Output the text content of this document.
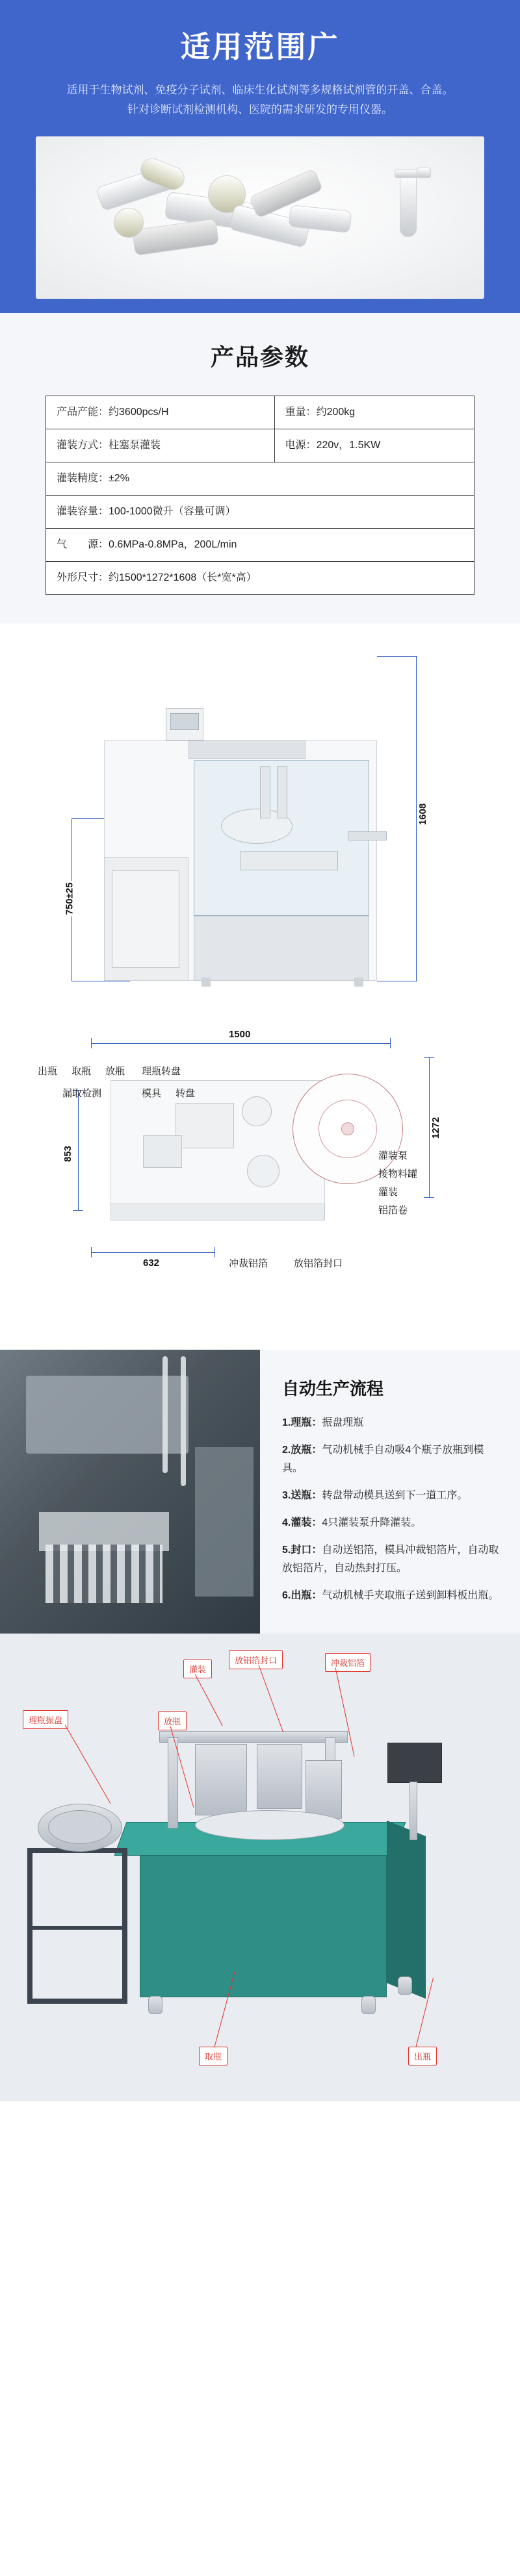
适用范围广
适用于生物试剂、免疫分子试剂、临床生化试剂等多规格试剂管的开盖、合盖。针对诊断试剂检测机构、医院的需求研发的专用仪器。
产品参数
产品产能：约3600pcs/H	重量：约200kg
灌装方式：柱塞泵灌装	电源：220v，1.5KW
灌装精度：±2%	
灌装容量：100-1000微升（容量可调）	
气　　源：0.6MPa-0.8MPa，200L/min	
外形尺寸：约1500*1272*1608（长*宽*高）	
1608
750±25
1500
1272
853
632
出瓶 取瓶 放瓶 理瓶转盘
漏取检测	模具 转盘
灌装泵
接物料罐
灌装
铝箔卷
冲裁铝箔	放铝箔封口
自动生产流程
1.理瓶：振盘理瓶
2.放瓶：气动机械手自动吸4个瓶子放瓶到模具。
3.送瓶：转盘带动模具送到下一道工序。
4.灌装：4只灌装泵升降灌装。
5.封口：自动送铝箔，模具冲裁铝箔片，自动取放铝箔片，自动热封打压。
6.出瓶：气动机械手夹取瓶子送到卸料板出瓶。
灌装
放铝箔封口	冲裁铝箔
理瓶振盘	放瓶
取瓶	出瓶
